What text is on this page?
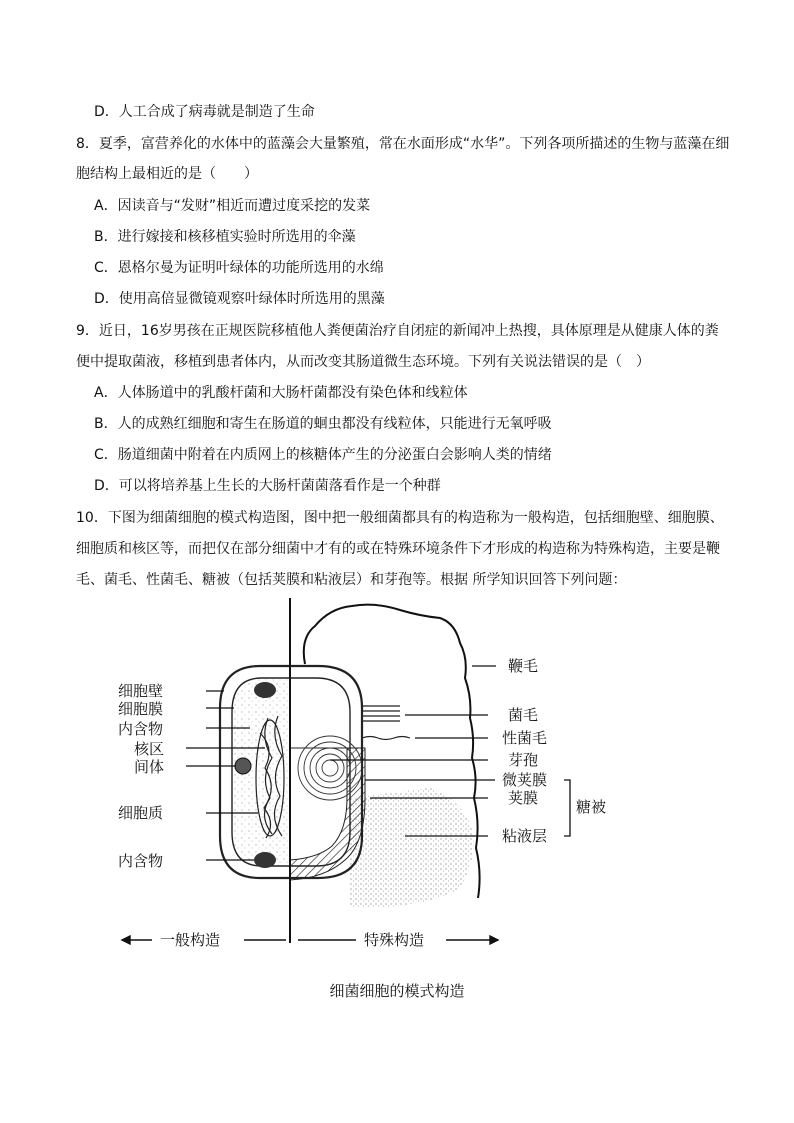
D．人工合成了病毒就是制造了生命
8．夏季，富营养化的水体中的蓝藻会大量繁殖，常在水面形成“水华”。下列各项所描述的生物与蓝藻在细
胞结构上最相近的是（　　）
A．因读音与“发财”相近而遭过度采挖的发菜
B．进行嫁接和核移植实验时所选用的伞藻
C．恩格尔曼为证明叶绿体的功能所选用的水绵
D．使用高倍显微镜观察叶绿体时所选用的黑藻
9．近日，16岁男孩在正规医院移植他人粪便菌治疗自闭症的新闻冲上热搜，具体原理是从健康人体的粪
便中提取菌液，移植到患者体内，从而改变其肠道微生态环境。下列有关说法错误的是（　）
A．人体肠道中的乳酸杆菌和大肠杆菌都没有染色体和线粒体
B．人的成熟红细胞和寄生在肠道的蛔虫都没有线粒体，只能进行无氧呼吸
C．肠道细菌中附着在内质网上的核糖体产生的分泌蛋白会影响人类的情绪
D．可以将培养基上生长的大肠杆菌菌落看作是一个种群
10．下图为细菌细胞的模式构造图，图中把一般细菌都具有的构造称为一般构造，包括细胞壁、细胞膜、
细胞质和核区等，而把仅在部分细菌中才有的或在特殊环境条件下才形成的构造称为特殊构造，主要是鞭
毛、菌毛、性菌毛、糖被（包括荚膜和粘液层）和芽孢等。根据 所学知识回答下列问题：
细胞壁
细胞膜
内含物
核区
间体
细胞质
内含物
鞭毛
菌毛
性菌毛
芽孢
微荚膜
荚膜
粘液层
糖被
一般构造	特殊构造
细菌细胞的模式构造
